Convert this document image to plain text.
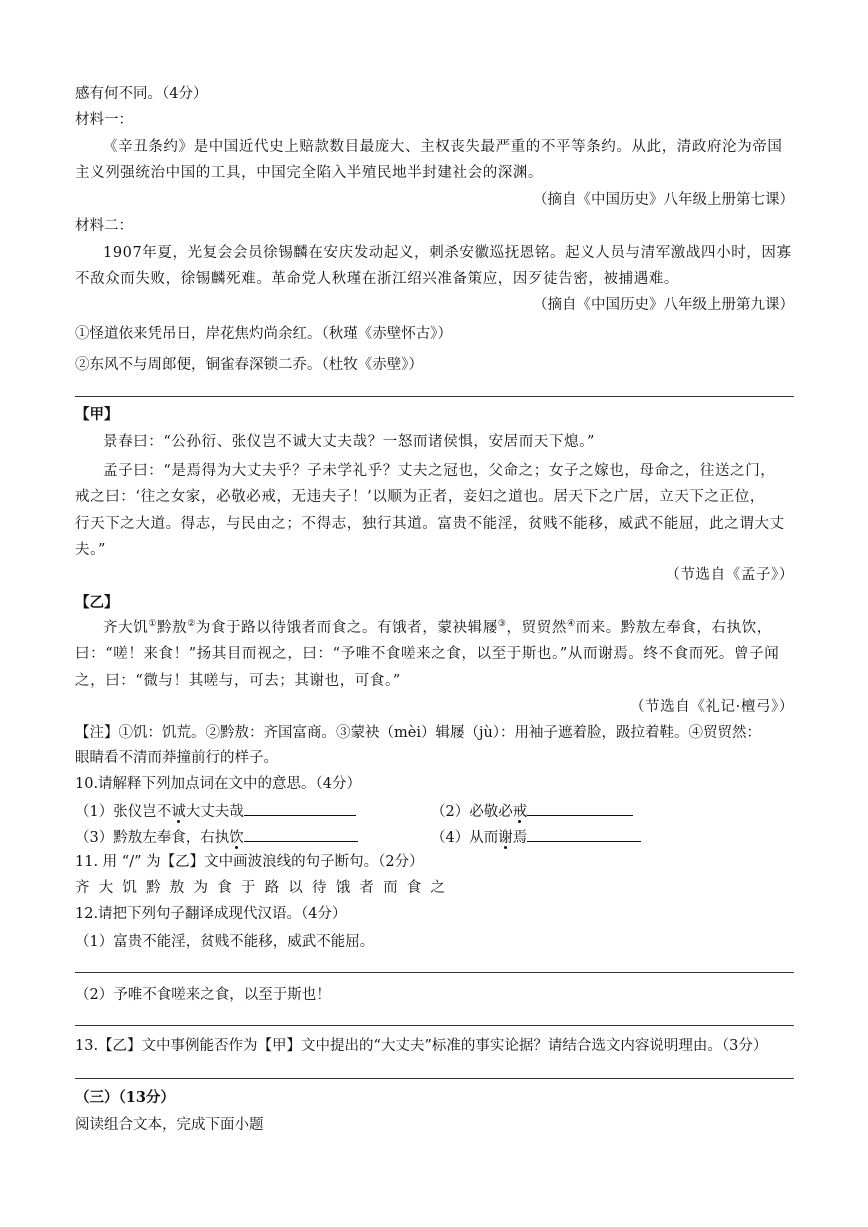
感有何不同。（4分）
材料一：
《辛丑条约》是中国近代史上赔款数目最庞大、主权丧失最严重的不平等条约。从此，清政府沦为帝国
主义列强统治中国的工具，中国完全陷入半殖民地半封建社会的深渊。
（摘自《中国历史》八年级上册第七课）
材料二：
1907年夏，光复会会员徐锡麟在安庆发动起义，刺杀安徽巡抚恩铭。起义人员与清军激战四小时，因寡
不敌众而失败，徐锡麟死难。革命党人秋瑾在浙江绍兴准备策应，因歹徒告密，被捕遇难。
（摘自《中国历史》八年级上册第九课）
①怪道依来凭吊日，岸花焦灼尚余红。（秋瑾《赤壁怀古》）
②东风不与周郎便，铜雀春深锁二乔。（杜牧《赤壁》）
【甲】
景春曰：“公孙衍、张仪岂不诚大丈夫哉？一怒而诸侯惧，安居而天下熄。”
孟子曰：“是焉得为大丈夫乎？子未学礼乎？丈夫之冠也，父命之；女子之嫁也，母命之，往送之门，
戒之曰：‘往之女家，必敬必戒，无违夫子！’以顺为正者，妾妇之道也。居天下之广居，立天下之正位，
行天下之大道。得志，与民由之；不得志，独行其道。富贵不能淫，贫贱不能移，威武不能屈，此之谓大丈
夫。”
（节选自《孟子》）
【乙】
齐大饥①黔敖②为食于路以待饿者而食之。有饿者，蒙袂辑屦③，贸贸然④而来。黔敖左奉食，右执饮，
曰：“嗟！来食！”扬其目而视之，曰：“予唯不食嗟来之食，以至于斯也。”从而谢焉。终不食而死。曾子闻
之，曰：“微与！其嗟与，可去；其谢也，可食。”
（节选自《礼记·檀弓》）
【注】①饥：饥荒。②黔敖：齐国富商。③蒙袂（mèi）辑屦（jù）：用袖子遮着脸，趿拉着鞋。④贸贸然：
眼睛看不清而莽撞前行的样子。
10.请解释下列加点词在文中的意思。（4分）
（1）张仪岂不诚大丈夫哉	（2）必敬必戒
（3）黔敖左奉食，右执饮	（4）从而谢焉
11. 用 “/” 为【乙】文中画波浪线的句子断句。（2分）
齐大饥黔敖为食于路以待饿者而食之
12.请把下列句子翻译成现代汉语。（4分）
（1）富贵不能淫，贫贱不能移，威武不能屈。
（2）予唯不食嗟来之食，以至于斯也！
13.【乙】文中事例能否作为【甲】文中提出的“大丈夫”标准的事实论据？请结合选文内容说明理由。（3分）
（三）（13分）
阅读组合文本，完成下面小题
